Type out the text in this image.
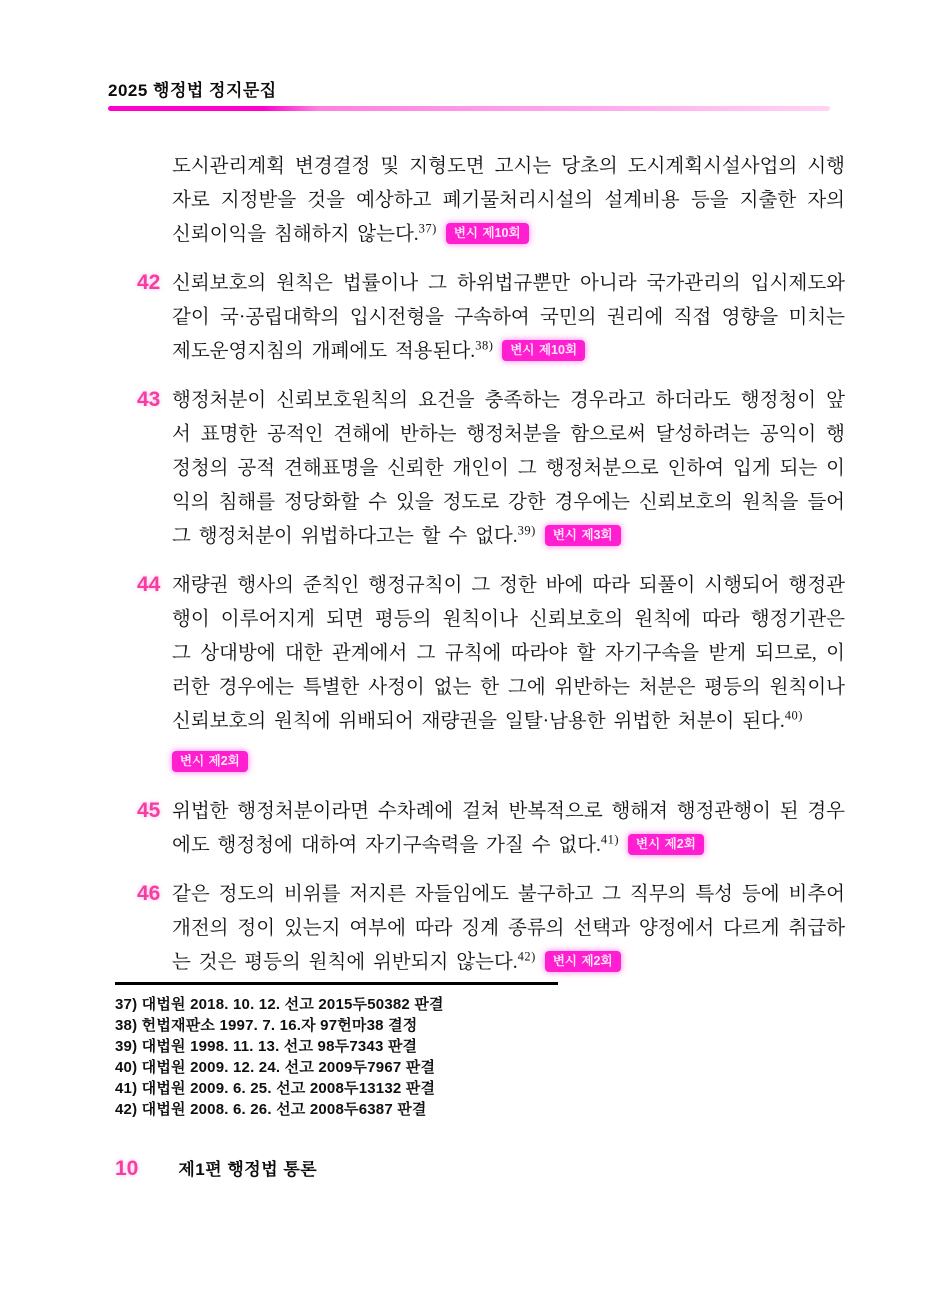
2025 행정법 정지문집
도시관리계획 변경결정 및 지형도면 고시는 당초의 도시계획시설사업의 시행자로 지정받을 것을 예상하고 폐기물처리시설의 설계비용 등을 지출한 자의 신뢰이익을 침해하지 않는다.$^{37)}$ 변시 제10회
42 신뢰보호의 원칙은 법률이나 그 하위법규뿐만 아니라 국가관리의 입시제도와 같이 국·공립대학의 입시전형을 구속하여 국민의 권리에 직접 영향을 미치는 제도운영지침의 개폐에도 적용된다.$^{38)}$ 변시 제10회
43 행정처분이 신뢰보호원칙의 요건을 충족하는 경우라고 하더라도 행정청이 앞서 표명한 공적인 견해에 반하는 행정처분을 함으로써 달성하려는 공익이 행정청의 공적 견해표명을 신뢰한 개인이 그 행정처분으로 인하여 입게 되는 이익의 침해를 정당화할 수 있을 정도로 강한 경우에는 신뢰보호의 원칙을 들어 그 행정처분이 위법하다고는 할 수 없다.$^{39)}$ 변시 제3회
44 재량권 행사의 준칙인 행정규칙이 그 정한 바에 따라 되풀이 시행되어 행정관행이 이루어지게 되면 평등의 원칙이나 신뢰보호의 원칙에 따라 행정기관은 그 상대방에 대한 관계에서 그 규칙에 따라야 할 자기구속을 받게 되므로, 이러한 경우에는 특별한 사정이 없는 한 그에 위반하는 처분은 평등의 원칙이나 신뢰보호의 원칙에 위배되어 재량권을 일탈·남용한 위법한 처분이 된다.$^{40)}$
변시 제2회
45 위법한 행정처분이라면 수차례에 걸쳐 반복적으로 행해져 행정관행이 된 경우에도 행정청에 대하여 자기구속력을 가질 수 없다.$^{41)}$ 변시 제2회
46 같은 정도의 비위를 저지른 자들임에도 불구하고 그 직무의 특성 등에 비추어 개전의 정이 있는지 여부에 따라 징계 종류의 선택과 양정에서 다르게 취급하는 것은 평등의 원칙에 위반되지 않는다.$^{42)}$ 변시 제2회
37) 대법원 2018. 10. 12. 선고 2015두50382 판결
38) 헌법재판소 1997. 7. 16.자 97헌마38 결정
39) 대법원 1998. 11. 13. 선고 98두7343 판결
40) 대법원 2009. 12. 24. 선고 2009두7967 판결
41) 대법원 2009. 6. 25. 선고 2008두13132 판결
42) 대법원 2008. 6. 26. 선고 2008두6387 판결
10 제1편 행정법 통론
